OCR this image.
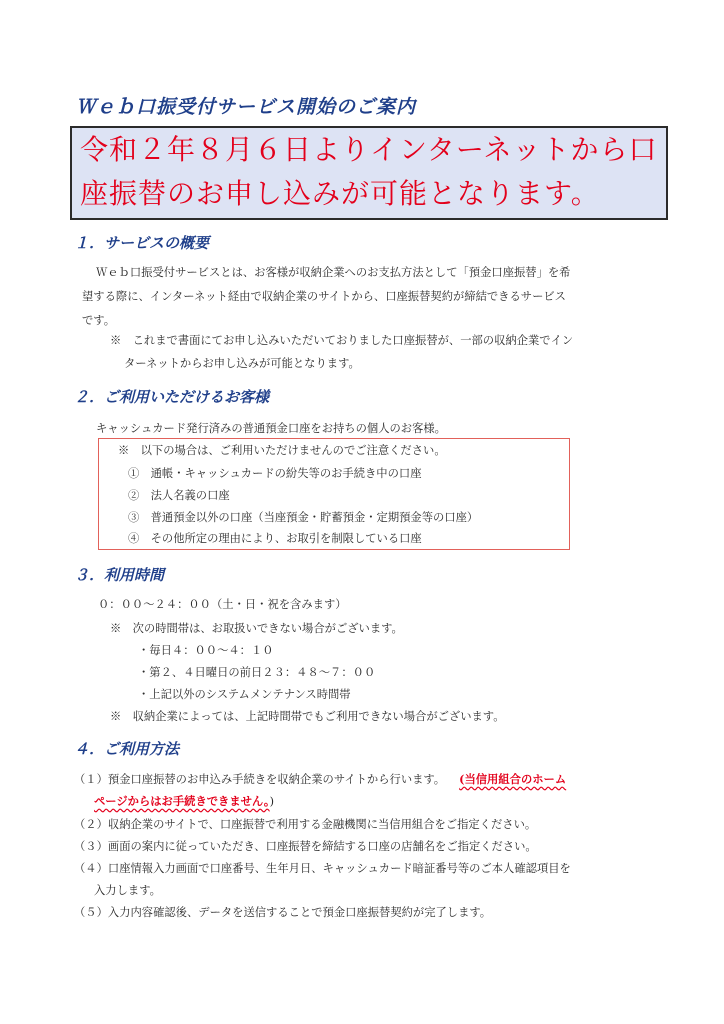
Ｗｅｂ口振受付サービス開始のご案内
令和２年８月６日よりインターネットから口
座振替のお申し込みが可能となります。
１．サービスの概要
Ｗｅｂ口振受付サービスとは、お客様が収納企業へのお支払方法として「預金口座振替」を希
望する際に、インターネット経由で収納企業のサイトから、口座振替契約が締結できるサービス
です。
※　これまで書面にてお申し込みいただいておりました口座振替が、一部の収納企業でイン
ターネットからお申し込みが可能となります。
２．ご利用いただけるお客様
キャッシュカード発行済みの普通預金口座をお持ちの個人のお客様。
※　以下の場合は、ご利用いただけませんのでご注意ください。
①　通帳・キャッシュカードの紛失等のお手続き中の口座
②　法人名義の口座
③　普通預金以外の口座（当座預金・貯蓄預金・定期預金等の口座）
④　その他所定の理由により、お取引を制限している口座
３．利用時間
０：００～２４：００（土・日・祝を含みます）
※　次の時間帯は、お取扱いできない場合がございます。
・毎日４：００～４：１０
・第２、４日曜日の前日２３：４８～７：００
・上記以外のシステムメンテナンス時間帯
※　収納企業によっては、上記時間帯でもご利用できない場合がございます。
４．ご利用方法
（１）預金口座振替のお申込み手続きを収納企業のサイトから行います。 (当信用組合のホーム
ページからはお手続きできません。)
（２）収納企業のサイトで、口座振替で利用する金融機関に当信用組合をご指定ください。
（３）画面の案内に従っていただき、口座振替を締結する口座の店舗名をご指定ください。
（４）口座情報入力画面で口座番号、生年月日、キャッシュカード暗証番号等のご本人確認項目を
入力します。
（５）入力内容確認後、データを送信することで預金口座振替契約が完了します。
